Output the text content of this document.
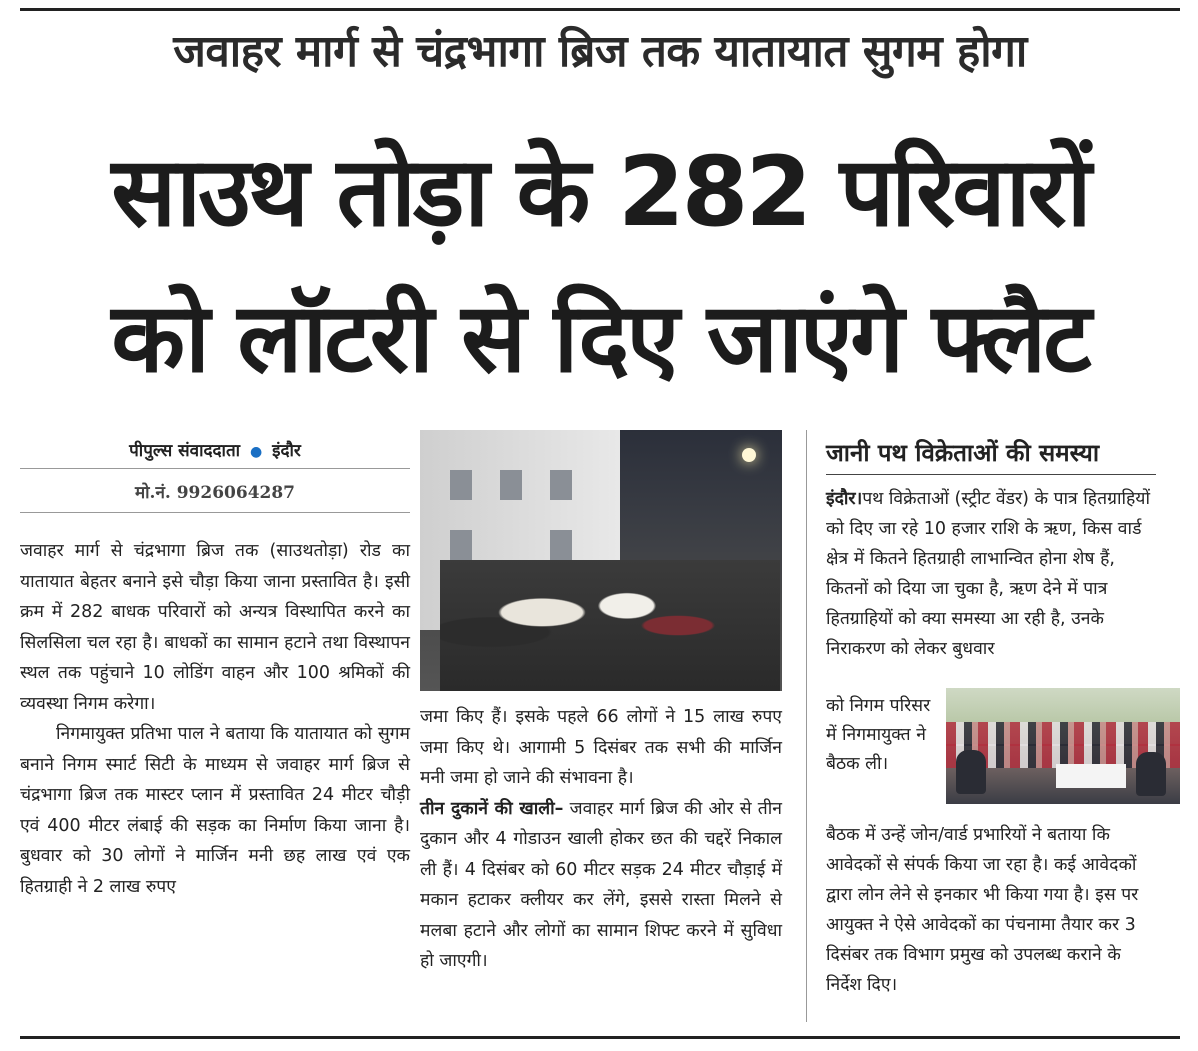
जवाहर मार्ग से चंद्रभागा ब्रिज तक यातायात सुगम होगा
साउथ तोड़ा के 282 परिवारों
को लॉटरी से दिए जाएंगे फ्लैट
पीपुल्स संवाददाता ● इंदौर
मो.नं. 9926064287

जवाहर मार्ग से चंद्रभागा ब्रिज तक (साउथतोड़ा) रोड का यातायात बेहतर बनाने इसे चौड़ा किया जाना प्रस्तावित है। इसी क्रम में 282 बाधक परिवारों को अन्यत्र विस्थापित करने का सिलसिला चल रहा है। बाधकों का सामान हटाने तथा विस्थापन स्थल तक पहुंचाने 10 लोडिंग वाहन और 100 श्रमिकों की व्यवस्था निगम करेगा।

निगमायुक्त प्रतिभा पाल ने बताया कि यातायात को सुगम बनाने निगम स्मार्ट सिटी के माध्यम से जवाहर मार्ग ब्रिज से चंद्रभागा ब्रिज तक मास्टर प्लान में प्रस्तावित 24 मीटर चौड़ी एवं 400 मीटर लंबाई की सड़क का निर्माण किया जाना है। बुधवार को 30 लोगों ने मार्जिन मनी छह लाख एवं एक हितग्राही ने 2 लाख रुपए

जमा किए हैं। इसके पहले 66 लोगों ने 15 लाख रुपए जमा किए थे। आगामी 5 दिसंबर तक सभी की मार्जिन मनी जमा हो जाने की संभावना है।

तीन दुकानें की खाली– जवाहर मार्ग ब्रिज की ओर से तीन दुकान और 4 गोडाउन खाली होकर छत की चद्दरें निकाल ली हैं। 4 दिसंबर को 60 मीटर सड़क 24 मीटर चौड़ाई में मकान हटाकर क्लीयर कर लेंगे, इससे रास्ता मिलने से मलबा हटाने और लोगों का सामान शिफ्ट करने में सुविधा हो जाएगी।

जानी पथ विक्रेताओं की समस्या

इंदौर।पथ विक्रेताओं (स्ट्रीट वेंडर) के पात्र हितग्राहियों को दिए जा रहे 10 हजार राशि के ऋण, किस वार्ड क्षेत्र में कितने हितग्राही लाभान्वित होना शेष हैं, कितनों को दिया जा चुका है, ऋण देने में पात्र हितग्राहियों को क्या समस्या आ रही है, उनके निराकरण को लेकर बुधवार

को निगम परिसर में निगमायुक्त ने बैठक ली।
बैठक में उन्हें जोन/वार्ड प्रभारियों ने बताया कि आवेदकों से संपर्क किया जा रहा है। कई आवेदकों द्वारा लोन लेने से इनकार भी किया गया है। इस पर आयुक्त ने ऐसे आवेदकों का पंचनामा तैयार कर 3 दिसंबर तक विभाग प्रमुख को उपलब्ध कराने के निर्देश दिए।
